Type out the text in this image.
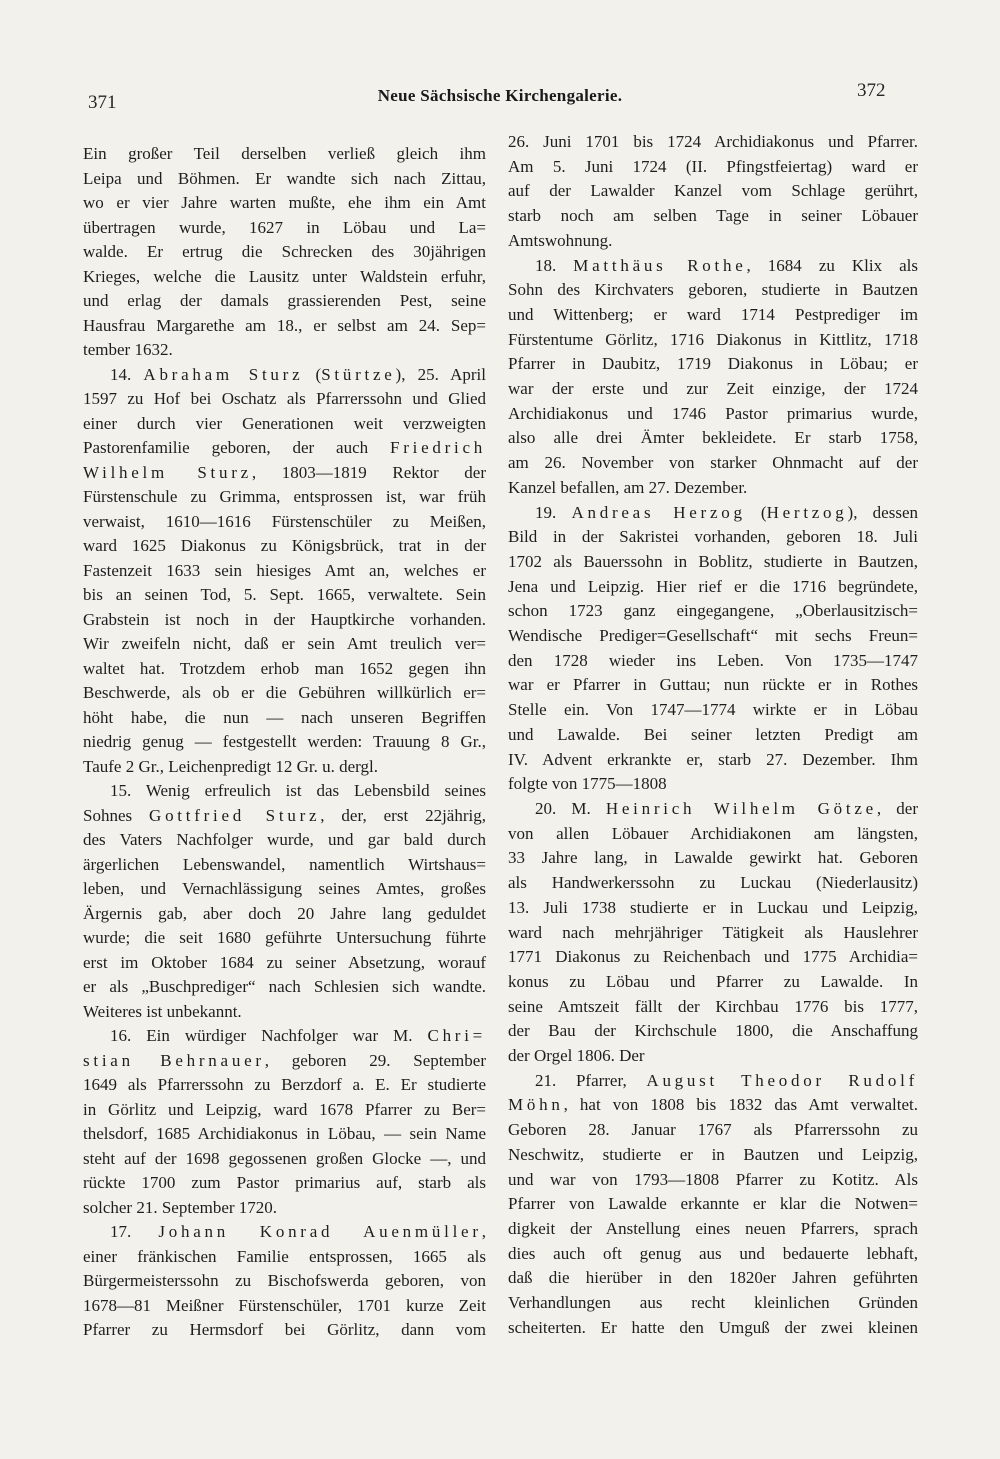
371	Neue Sächsische Kirchengalerie.	372
Ein großer Teil derselben verließ gleich ihm
Leipa und Böhmen. Er wandte sich nach Zittau,
wo er vier Jahre warten mußte, ehe ihm ein Amt
übertragen wurde, 1627 in Löbau und La=
walde. Er ertrug die Schrecken des 30jährigen
Krieges, welche die Lausitz unter Waldstein erfuhr,
und erlag der damals grassierenden Pest, seine
Hausfrau Margarethe am 18., er selbst am 24. Sep=
tember 1632.
14. Abraham Sturz (Stürtze), 25. April
1597 zu Hof bei Oschatz als Pfarrerssohn und Glied
einer durch vier Generationen weit verzweigten
Pastorenfamilie geboren, der auch Friedrich
Wilhelm Sturz, 1803—1819 Rektor der
Fürstenschule zu Grimma, entsprossen ist, war früh
verwaist, 1610—1616 Fürstenschüler zu Meißen,
ward 1625 Diakonus zu Königsbrück, trat in der
Fastenzeit 1633 sein hiesiges Amt an, welches er
bis an seinen Tod, 5. Sept. 1665, verwaltete. Sein
Grabstein ist noch in der Hauptkirche vorhanden.
Wir zweifeln nicht, daß er sein Amt treulich ver=
waltet hat. Trotzdem erhob man 1652 gegen ihn
Beschwerde, als ob er die Gebühren willkürlich er=
höht habe, die nun — nach unseren Begriffen
niedrig genug — festgestellt werden: Trauung 8 Gr.,
Taufe 2 Gr., Leichenpredigt 12 Gr. u. dergl.
15. Wenig erfreulich ist das Lebensbild seines
Sohnes Gottfried Sturz, der, erst 22jährig,
des Vaters Nachfolger wurde, und gar bald durch
ärgerlichen Lebenswandel, namentlich Wirtshaus=
leben, und Vernachlässigung seines Amtes, großes
Ärgernis gab, aber doch 20 Jahre lang geduldet
wurde; die seit 1680 geführte Untersuchung führte
erst im Oktober 1684 zu seiner Absetzung, worauf
er als „Buschprediger“ nach Schlesien sich wandte.
Weiteres ist unbekannt.
16. Ein würdiger Nachfolger war M. Chri=
stian Behrnauer, geboren 29. September
1649 als Pfarrerssohn zu Berzdorf a. E. Er studierte
in Görlitz und Leipzig, ward 1678 Pfarrer zu Ber=
thelsdorf, 1685 Archidiakonus in Löbau, — sein Name
steht auf der 1698 gegossenen großen Glocke —, und
rückte 1700 zum Pastor primarius auf, starb als
solcher 21. September 1720.
17. Johann Konrad Auenmüller,
einer fränkischen Familie entsprossen, 1665 als
Bürgermeisterssohn zu Bischofswerda geboren, von
1678—81 Meißner Fürstenschüler, 1701 kurze Zeit
Pfarrer zu Hermsdorf bei Görlitz, dann vom
26. Juni 1701 bis 1724 Archidiakonus und Pfarrer.
Am 5. Juni 1724 (II. Pfingstfeiertag) ward er
auf der Lawalder Kanzel vom Schlage gerührt,
starb noch am selben Tage in seiner Löbauer
Amtswohnung.
18. Matthäus Rothe, 1684 zu Klix als
Sohn des Kirchvaters geboren, studierte in Bautzen
und Wittenberg; er ward 1714 Pestprediger im
Fürstentume Görlitz, 1716 Diakonus in Kittlitz, 1718
Pfarrer in Daubitz, 1719 Diakonus in Löbau; er
war der erste und zur Zeit einzige, der 1724
Archidiakonus und 1746 Pastor primarius wurde,
also alle drei Ämter bekleidete. Er starb 1758,
am 26. November von starker Ohnmacht auf der
Kanzel befallen, am 27. Dezember.
19. Andreas Herzog (Hertzog), dessen
Bild in der Sakristei vorhanden, geboren 18. Juli
1702 als Bauerssohn in Boblitz, studierte in Bautzen,
Jena und Leipzig. Hier rief er die 1716 begründete,
schon 1723 ganz eingegangene, „Oberlausitzisch=
Wendische Prediger=Gesellschaft“ mit sechs Freun=
den 1728 wieder ins Leben. Von 1735—1747
war er Pfarrer in Guttau; nun rückte er in Rothes
Stelle ein. Von 1747—1774 wirkte er in Löbau
und Lawalde. Bei seiner letzten Predigt am
IV. Advent erkrankte er, starb 27. Dezember. Ihm
folgte von 1775—1808
20. M. Heinrich Wilhelm Götze, der
von allen Löbauer Archidiakonen am längsten,
33 Jahre lang, in Lawalde gewirkt hat. Geboren
als Handwerkerssohn zu Luckau (Niederlausitz)
13. Juli 1738 studierte er in Luckau und Leipzig,
ward nach mehrjähriger Tätigkeit als Hauslehrer
1771 Diakonus zu Reichenbach und 1775 Archidia=
konus zu Löbau und Pfarrer zu Lawalde. In
seine Amtszeit fällt der Kirchbau 1776 bis 1777,
der Bau der Kirchschule 1800, die Anschaffung
der Orgel 1806. Der
21. Pfarrer, August Theodor Rudolf
Möhn, hat von 1808 bis 1832 das Amt verwaltet.
Geboren 28. Januar 1767 als Pfarrerssohn zu
Neschwitz, studierte er in Bautzen und Leipzig,
und war von 1793—1808 Pfarrer zu Kotitz. Als
Pfarrer von Lawalde erkannte er klar die Notwen=
digkeit der Anstellung eines neuen Pfarrers, sprach
dies auch oft genug aus und bedauerte lebhaft,
daß die hierüber in den 1820er Jahren geführten
Verhandlungen aus recht kleinlichen Gründen
scheiterten. Er hatte den Umguß der zwei kleinen
